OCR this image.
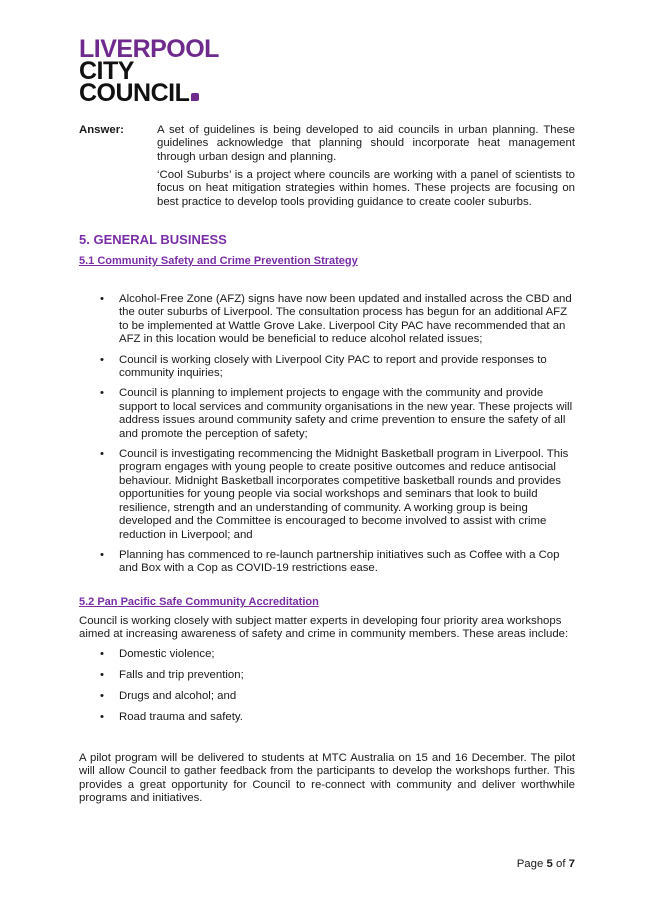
LIVERPOOL
CITY
COUNCIL
Answer:	A set of guidelines is being developed to aid councils in urban planning. These guidelines acknowledge that planning should incorporate heat management through urban design and planning.
‘Cool Suburbs’ is a project where councils are working with a panel of scientists to focus on heat mitigation strategies within homes. These projects are focusing on best practice to develop tools providing guidance to create cooler suburbs.
5. GENERAL BUSINESS
5.1 Community Safety and Crime Prevention Strategy
• Alcohol-Free Zone (AFZ) signs have now been updated and installed across the CBD and the outer suburbs of Liverpool. The consultation process has begun for an additional AFZ to be implemented at Wattle Grove Lake. Liverpool City PAC have recommended that an AFZ in this location would be beneficial to reduce alcohol related issues;
• Council is working closely with Liverpool City PAC to report and provide responses to community inquiries;
• Council is planning to implement projects to engage with the community and provide support to local services and community organisations in the new year. These projects will address issues around community safety and crime prevention to ensure the safety of all and promote the perception of safety;
• Council is investigating recommencing the Midnight Basketball program in Liverpool. This program engages with young people to create positive outcomes and reduce antisocial behaviour. Midnight Basketball incorporates competitive basketball rounds and provides opportunities for young people via social workshops and seminars that look to build resilience, strength and an understanding of community. A working group is being developed and the Committee is encouraged to become involved to assist with crime reduction in Liverpool; and
• Planning has commenced to re-launch partnership initiatives such as Coffee with a Cop and Box with a Cop as COVID-19 restrictions ease.
5.2 Pan Pacific Safe Community Accreditation
Council is working closely with subject matter experts in developing four priority area workshops aimed at increasing awareness of safety and crime in community members. These areas include:
• Domestic violence;
• Falls and trip prevention;
• Drugs and alcohol; and
• Road trauma and safety.
A pilot program will be delivered to students at MTC Australia on 15 and 16 December. The pilot will allow Council to gather feedback from the participants to develop the workshops further. This provides a great opportunity for Council to re-connect with community and deliver worthwhile programs and initiatives.
Page 5 of 7
